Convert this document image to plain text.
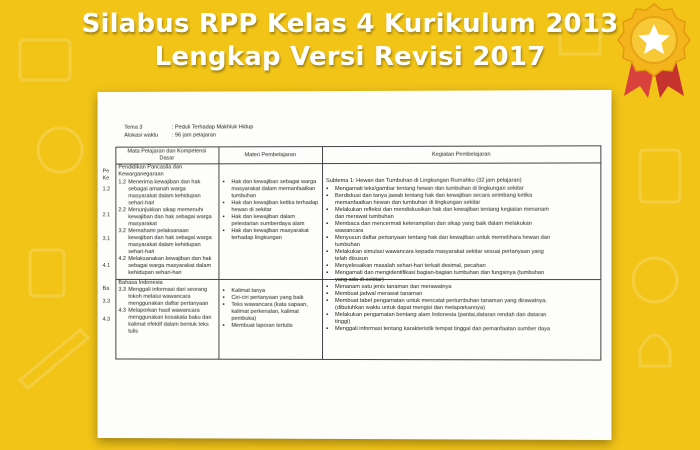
Silabus RPP Kelas 4 Kurikulum 2013
Lengkap Versi Revisi 2017
Tema 3	: Peduli Terhadap Makhluk Hidup
Alokasi waktu : 96 jam pelajaran
Pe
Ke
1.2
2.1
3.1
4.1
Ba
3.3
4.3
Mata Pelajaran dan Kompetensi
Dasar
Materi Pembelajaran	Kegiatan Pembelajaran
Pendidikan Pancasila dan
Kewarganegaraan
1.2 Menerima kewajiban dan hak
sebagai amanah warga
masyarakat dalam kehidupan
sehari-hari
2.2 Menunjukkan sikap memenuhi
kewajiban dan hak sebagai warga
masyarakat
3.2 Memahami pelaksanaan
kewajiban dan hak sebagai warga
masyarakat dalam kehidupan
sehari-hari
4.2 Melaksanakan kewajiban dan hak
sebagai warga masyarakat dalam
kehidupan sehari-hari
▪ Hak dan kewajiban sebagai warga
masyarakat dalam memanfaatkan
tumbuhan
▪ Hak dan kewajiban ketika terhadap
hewan di sekitar
▪ Hak dan kewajiban dalam
pelestarian sumberdaya alam
▪ Hak dan kewajiban masyarakat
terhadap lingkungan
Bahasa Indonesia
3.3 Menggali informasi dari seorang
tokoh melalui wawancara
menggunakan daftar pertanyaan
4.3 Melaporkan hasil wawancara
menggunakan kosakata baku dan
kalimat efektif dalam bentuk teks
tulis
▪ Kalimat tanya
▪ Ciri-ciri pertanyaan yang baik
▪ Teks wawancara (kata sapaan,
kalimat perkenalan, kalimat
pembuka)
▪ Membuat laporan tertulis
Subtema 1: Hewan dan Tumbuhan di Lingkungan Rumahku (32 jam pelajaran)
▪ Mengamati teks/gambar tentang hewan dan tumbuhan di lingkungan sekitar
▪ Berdiskusi dan tanya jawab tentang hak dan kewajiban secara seimbang ketika
memanfaatkan hewan dan tumbuhan di lingkungan sekitar
▪ Melakukan refleksi dan mendiskusikan hak dan kewajiban tentang kegiatan menanam
dan merawat tumbuhan
▪ Membaca dan mencermati keterampilan dan sikap yang baik dalam melakukan
wawancara
▪ Menyusun daftar pertanyaan tentang hak dan kewajiban untuk memelihara hewan dan
tumbuhan
▪ Melakukan simulasi wawancara kepada masyarakat sekitar sesuai pertanyaan yang
telah disusun
▪ Menyelesaikan masalah sehari-hari terkait desimal, pecahan
▪ Mengamati dan mengidentifikasi bagian-bagian tumbuhan dan fungsinya (tumbuhan
yang ada di sekitar)
▪ Menanam satu jenis tanaman dan merawatnya
▪ Membuat jadwal merawat tanaman
▪ Membuat tabel pengamatan untuk mencatat pertumbuhan tanaman yang dirawatnya.
(dibutuhkan waktu untuk dapat mengisi dan melaporkannya)
▪ Melakukan pengamatan bentang alam Indonesia (pantai,dataran rendah dan dataran
tinggi)
▪ Menggali informasi tentang karakteristik tempat tinggal dan pemanfaatan sumber daya
